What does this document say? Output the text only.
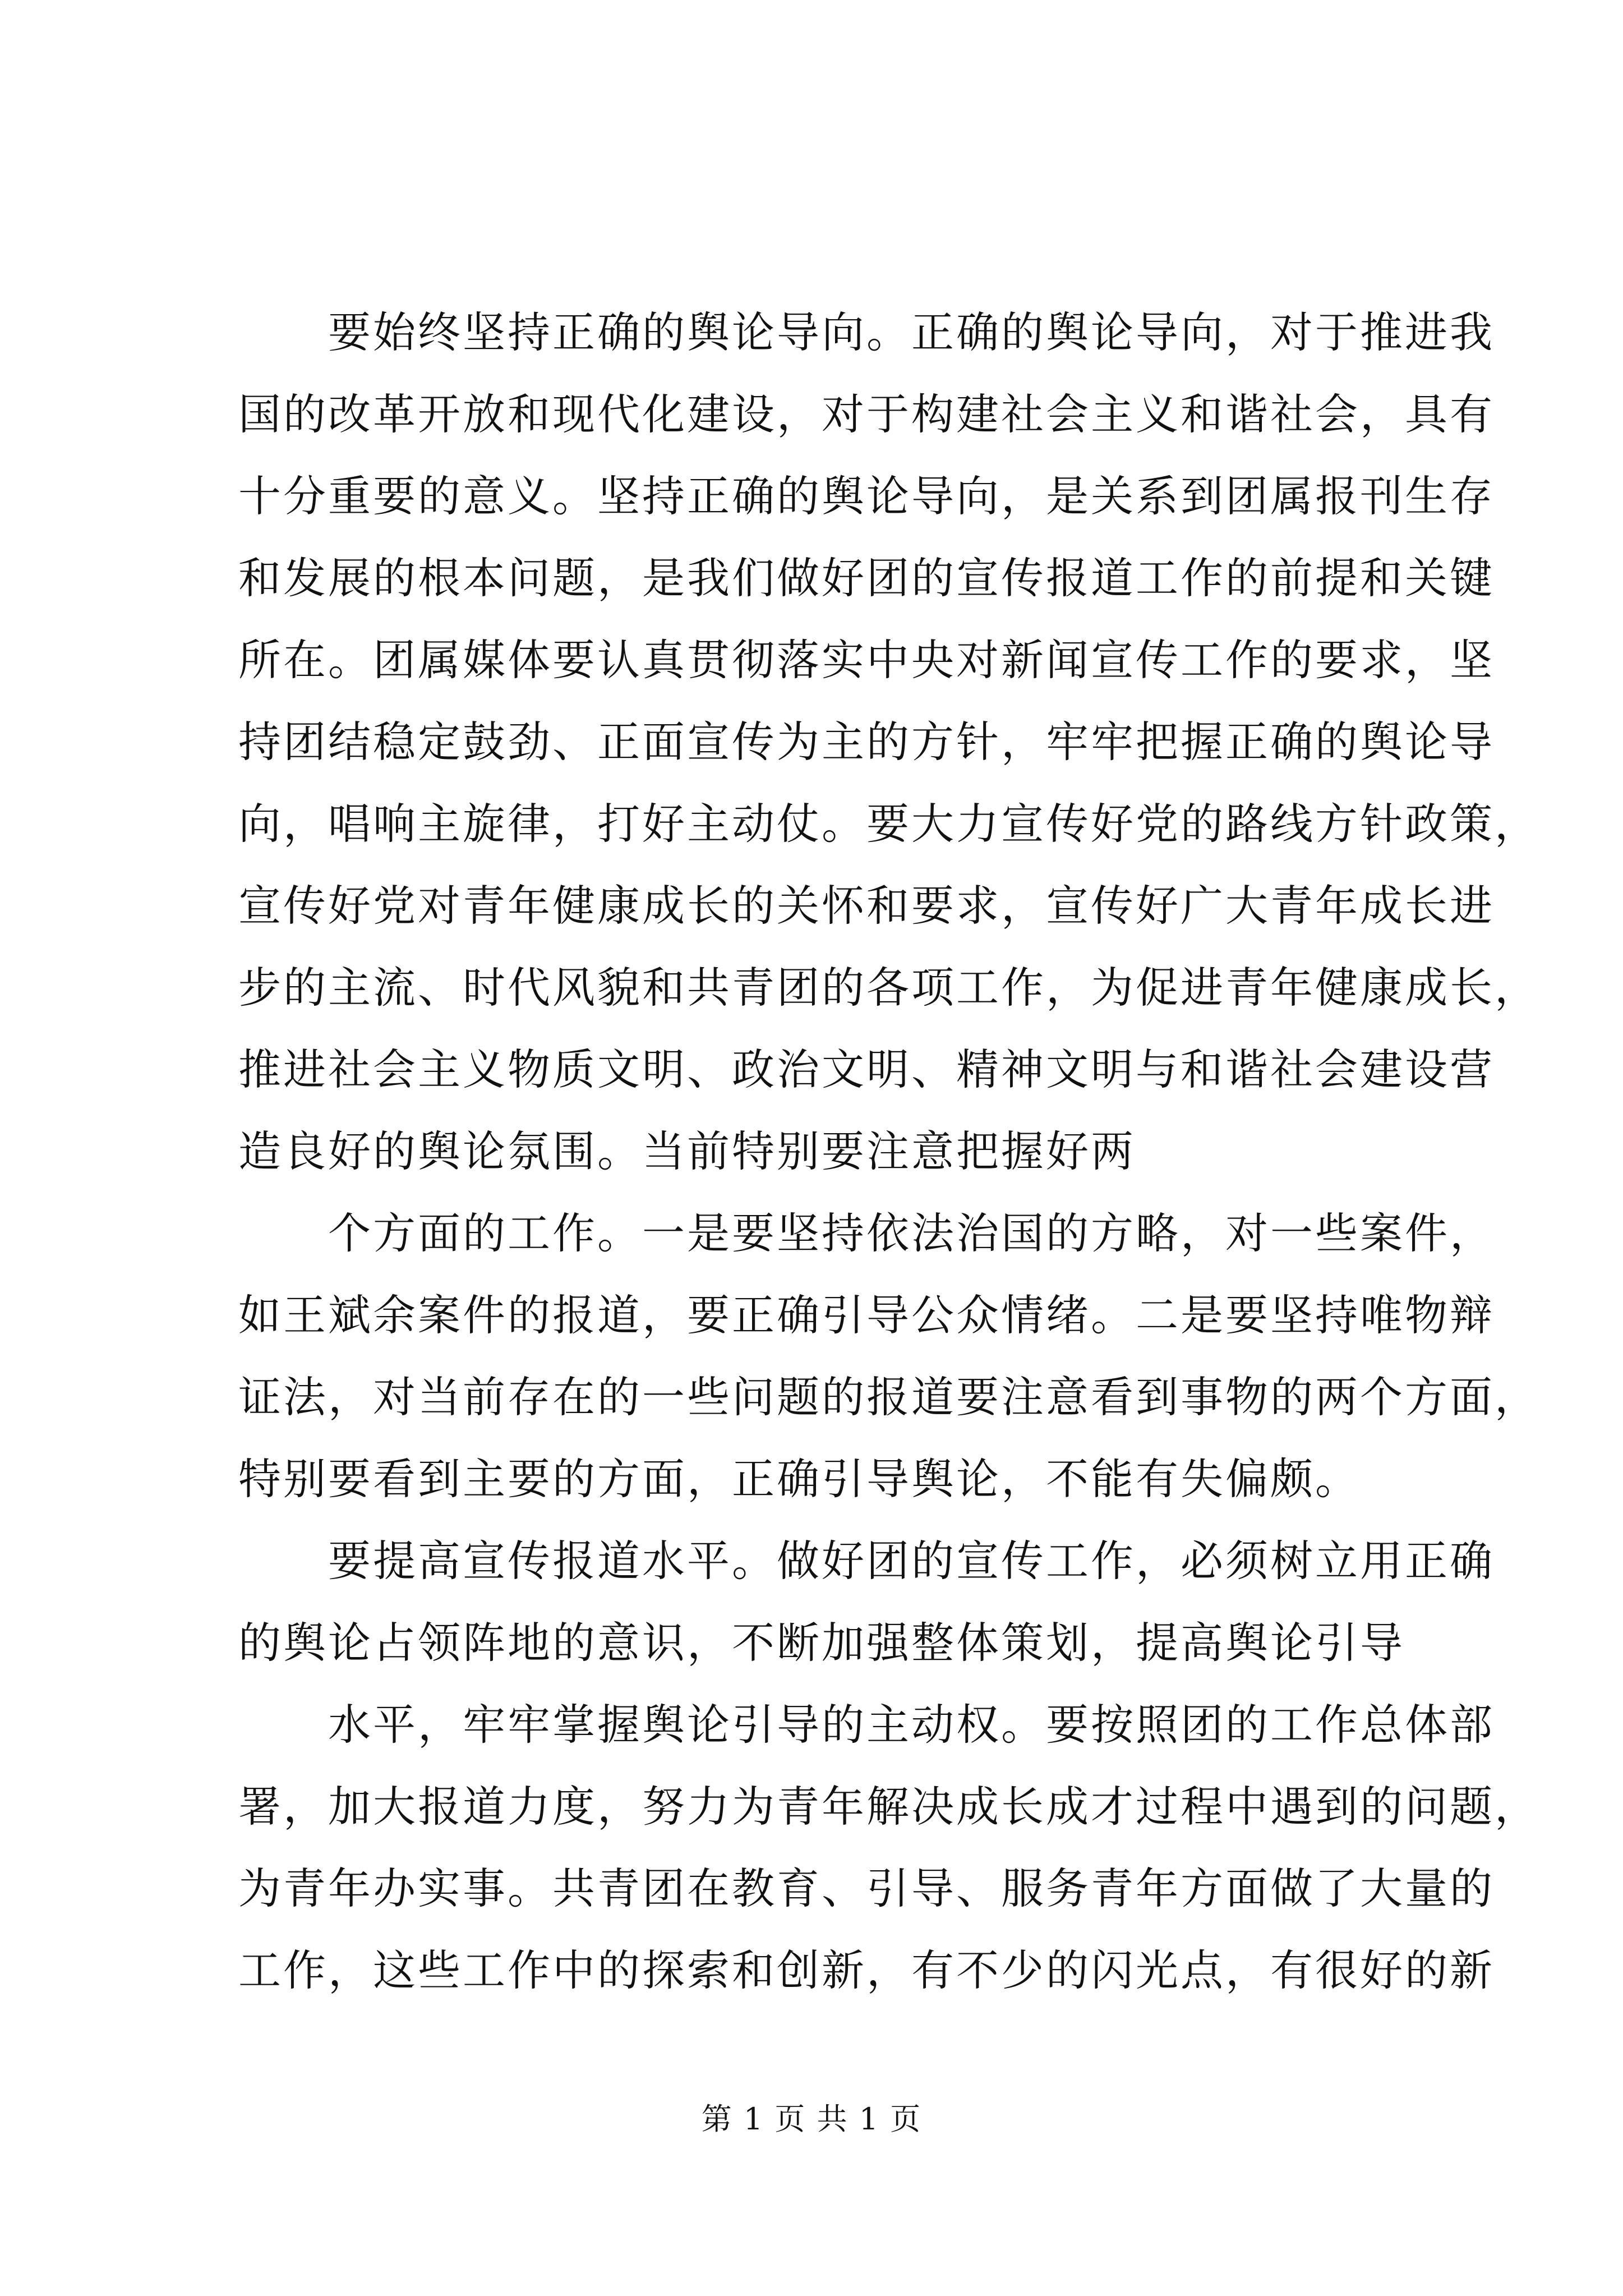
要始终坚持正确的舆论导向。正确的舆论导向，对于推进我
国的改革开放和现代化建设，对于构建社会主义和谐社会，具有
十分重要的意义。坚持正确的舆论导向，是关系到团属报刊生存
和发展的根本问题，是我们做好团的宣传报道工作的前提和关键
所在。团属媒体要认真贯彻落实中央对新闻宣传工作的要求，坚
持团结稳定鼓劲、正面宣传为主的方针，牢牢把握正确的舆论导
向，唱响主旋律，打好主动仗。要大力宣传好党的路线方针政策，
宣传好党对青年健康成长的关怀和要求，宣传好广大青年成长进
步的主流、时代风貌和共青团的各项工作，为促进青年健康成长，
推进社会主义物质文明、政治文明、精神文明与和谐社会建设营
造良好的舆论氛围。当前特别要注意把握好两
个方面的工作。一是要坚持依法治国的方略，对一些案件，
如王斌余案件的报道，要正确引导公众情绪。二是要坚持唯物辩
证法，对当前存在的一些问题的报道要注意看到事物的两个方面，
特别要看到主要的方面，正确引导舆论，不能有失偏颇。
要提高宣传报道水平。做好团的宣传工作，必须树立用正确
的舆论占领阵地的意识，不断加强整体策划，提高舆论引导
水平，牢牢掌握舆论引导的主动权。要按照团的工作总体部
署，加大报道力度，努力为青年解决成长成才过程中遇到的问题，
为青年办实事。共青团在教育、引导、服务青年方面做了大量的
工作，这些工作中的探索和创新，有不少的闪光点，有很好的新
第 1 页 共 1 页
